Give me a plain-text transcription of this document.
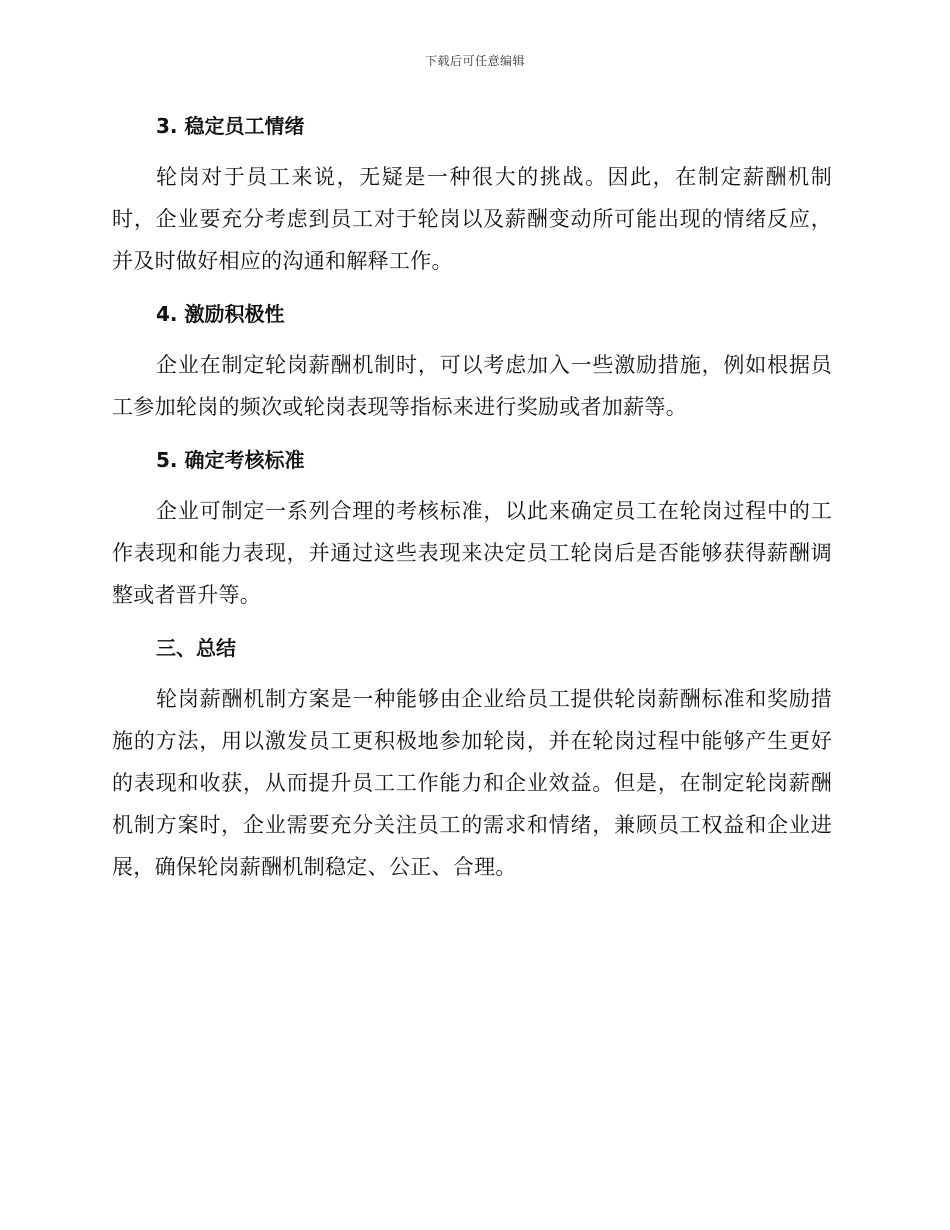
下载后可任意编辑
3. 稳定员工情绪

轮岗对于员工来说，无疑是一种很大的挑战。因此，在制定薪酬机制时，企业要充分考虑到员工对于轮岗以及薪酬变动所可能出现的情绪反应，并及时做好相应的沟通和解释工作。

4. 激励积极性

企业在制定轮岗薪酬机制时，可以考虑加入一些激励措施，例如根据员工参加轮岗的频次或轮岗表现等指标来进行奖励或者加薪等。

5. 确定考核标准

企业可制定一系列合理的考核标准，以此来确定员工在轮岗过程中的工作表现和能力表现，并通过这些表现来决定员工轮岗后是否能够获得薪酬调整或者晋升等。

三、总结

轮岗薪酬机制方案是一种能够由企业给员工提供轮岗薪酬标准和奖励措施的方法，用以激发员工更积极地参加轮岗，并在轮岗过程中能够产生更好的表现和收获，从而提升员工工作能力和企业效益。但是，在制定轮岗薪酬机制方案时，企业需要充分关注员工的需求和情绪，兼顾员工权益和企业进展，确保轮岗薪酬机制稳定、公正、合理。
